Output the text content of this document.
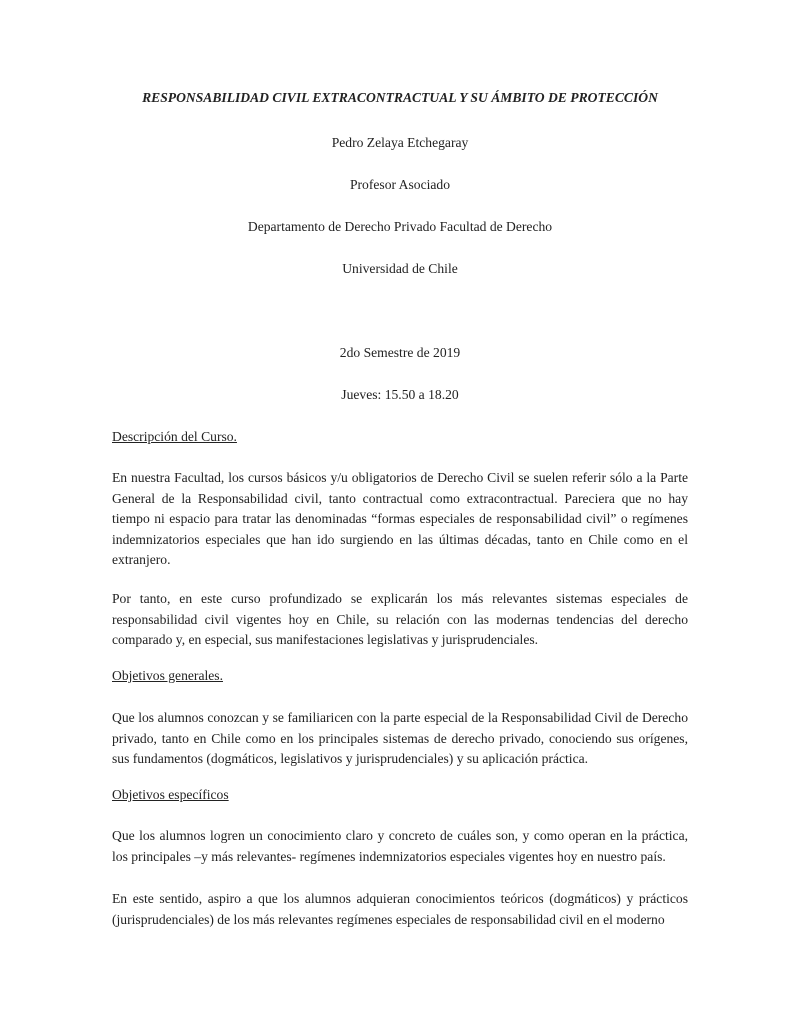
RESPONSABILIDAD CIVIL EXTRACONTRACTUAL Y SU ÁMBITO DE PROTECCIÓN
Pedro Zelaya Etchegaray
Profesor Asociado
Departamento de Derecho Privado Facultad de Derecho
Universidad de Chile
2do Semestre de 2019
Jueves: 15.50 a 18.20
Descripción del Curso.
En nuestra Facultad, los cursos básicos y/u obligatorios de Derecho Civil se suelen referir sólo a la Parte General de la Responsabilidad civil, tanto contractual como extracontractual. Pareciera que no hay tiempo ni espacio para tratar las denominadas “formas especiales de responsabilidad civil” o regímenes indemnizatorios especiales que han ido surgiendo en las últimas décadas, tanto en Chile como en el extranjero.
Por tanto, en este curso profundizado se explicarán los más relevantes sistemas especiales de responsabilidad civil vigentes hoy en Chile, su relación con las modernas tendencias del derecho comparado y, en especial, sus manifestaciones legislativas y jurisprudenciales.
Objetivos generales.
Que los alumnos conozcan y se familiaricen con la parte especial de la Responsabilidad Civil de Derecho privado, tanto en Chile como en los principales sistemas de derecho privado, conociendo sus orígenes, sus fundamentos (dogmáticos, legislativos y jurisprudenciales) y su aplicación práctica.
Objetivos específicos
Que los alumnos logren un conocimiento claro y concreto de cuáles son, y como operan en la práctica, los principales –y más relevantes- regímenes indemnizatorios especiales vigentes hoy en nuestro país.
En este sentido, aspiro a que los alumnos adquieran conocimientos teóricos (dogmáticos) y prácticos (jurisprudenciales) de los más relevantes regímenes especiales de responsabilidad civil en el moderno
